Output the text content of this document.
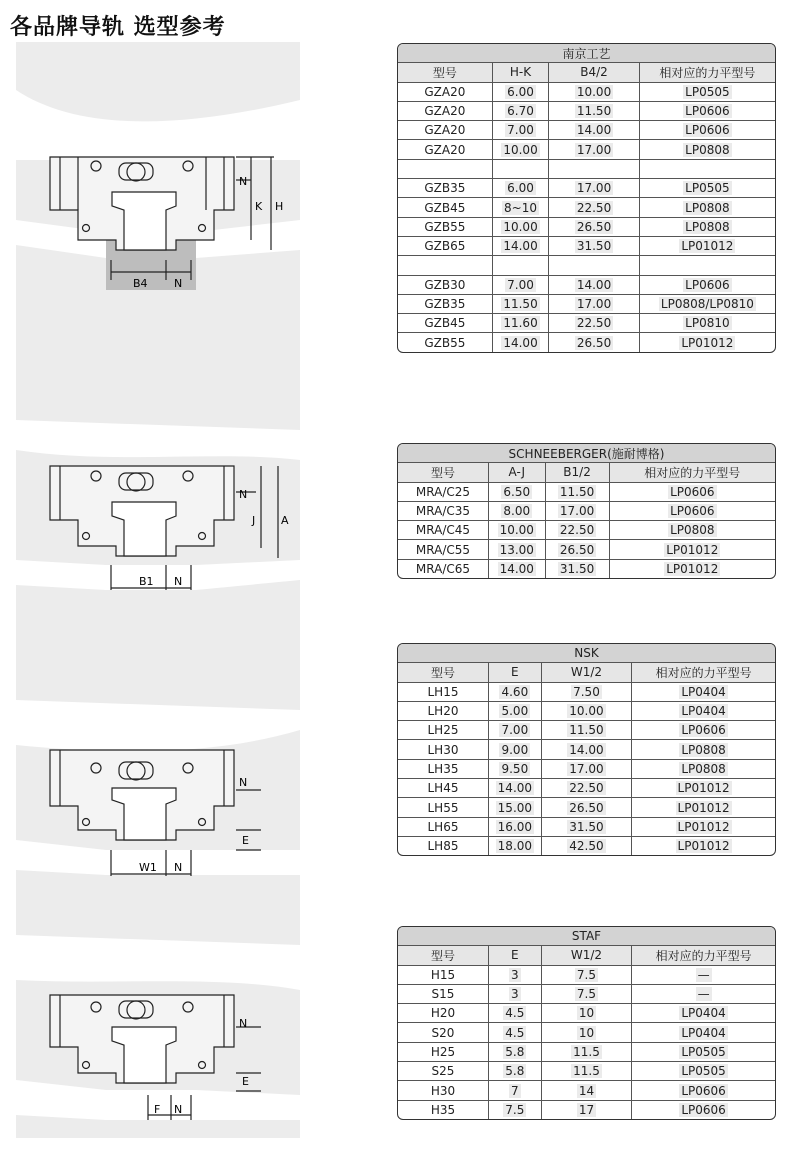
各品牌导轨 选型参考
N
K H
B4 N
N
J A
B1 N
N
E
W1 N
N
E
F N
南京工艺			
型号	H-K	B4/2	相对应的力平型号
GZA20	6.00	10.00	LP0505
GZA20	6.70	11.50	LP0606
GZA20	7.00	14.00	LP0606
GZA20	10.00	17.00	LP0808

GZB35	6.00	17.00	LP0505
GZB45	8~10	22.50	LP0808
GZB55	10.00	26.50	LP0808
GZB65	14.00	31.50	LP01012

GZB30	7.00	14.00	LP0606
GZB35	11.50	17.00	LP0808/LP0810
GZB45	11.60	22.50	LP0810
GZB55	14.00	26.50	LP01012
SCHNEEBERGER(施耐博格)			
型号	A-J	B1/2	相对应的力平型号
MRA/C25	6.50	11.50	LP0606
MRA/C35	8.00	17.00	LP0606
MRA/C45	10.00	22.50	LP0808
MRA/C55	13.00	26.50	LP01012
MRA/C65	14.00	31.50	LP01012
NSK			
型号	E	W1/2	相对应的力平型号
LH15	4.60	7.50	LP0404
LH20	5.00	10.00	LP0404
LH25	7.00	11.50	LP0606
LH30	9.00	14.00	LP0808
LH35	9.50	17.00	LP0808
LH45	14.00	22.50	LP01012
LH55	15.00	26.50	LP01012
LH65	16.00	31.50	LP01012
LH85	18.00	42.50	LP01012
STAF			
型号	E	W1/2	相对应的力平型号
H15	3	7.5	—
S15	3	7.5	—
H20	4.5	10	LP0404
S20	4.5	10	LP0404
H25	5.8	11.5	LP0505
S25	5.8	11.5	LP0505
H30	7	14	LP0606
H35	7.5	17	LP0606
